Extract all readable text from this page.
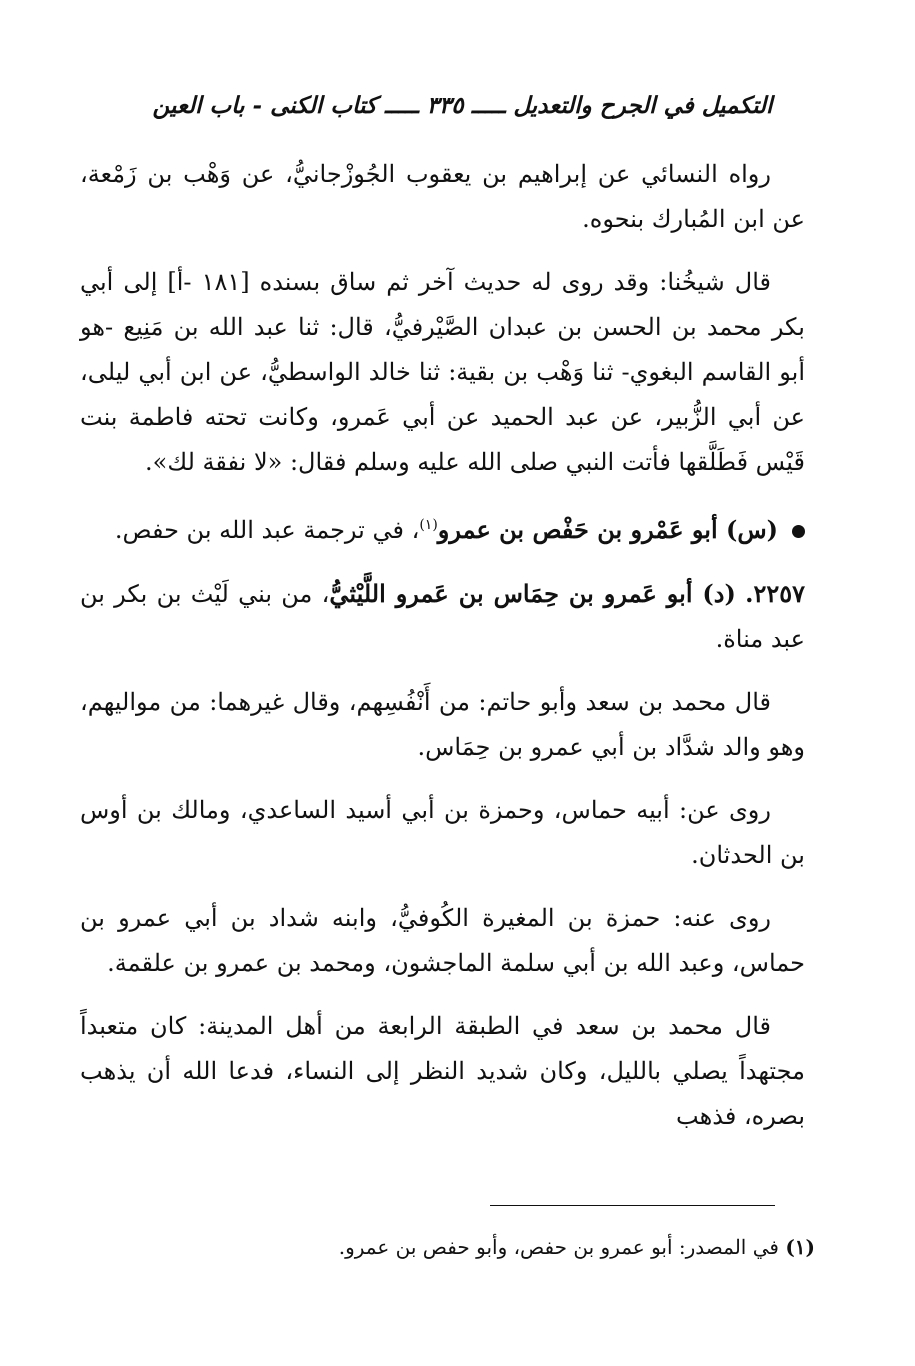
التكميل في الجرح والتعديل ـــــ ٣٣٥ ـــــ كتاب الكنى - باب العين

رواه النسائي عن إبراهيم بن يعقوب الجُوزْجانيُّ، عن وَهْب بن زَمْعة، عن ابن المُبارك بنحوه.

قال شيخُنا: وقد روى له حديث آخر ثم ساق بسنده [١٨١ -أ] إلى أبي بكر محمد بن الحسن بن عبدان الصَّيْرفيُّ، قال: ثنا عبد الله بن مَنِيع -هو أبو القاسم البغوي- ثنا وَهْب بن بقية: ثنا خالد الواسطيُّ، عن ابن أبي ليلى، عن أبي الزُّبير، عن عبد الحميد عن أبي عَمرو، وكانت تحته فاطمة بنت قَيْس فَطَلَّقها فأتت النبي صلى الله عليه وسلم فقال: «لا نفقة لك».

(س) أبو عَمْرو بن حَفْص بن عمرو$^{(١)}$، في ترجمة عبد الله بن حفص.

٢٢٥٧. (د) أبو عَمرو بن حِمَاس بن عَمرو اللَّيْثيُّ، من بني لَيْث بن بكر بن عبد مناة.

قال محمد بن سعد وأبو حاتم: من أَنْفُسِهم، وقال غيرهما: من مواليهم، وهو والد شدَّاد بن أبي عمرو بن حِمَاس.

روى عن: أبيه حماس، وحمزة بن أبي أسيد الساعدي، ومالك بن أوس بن الحدثان.

روى عنه: حمزة بن المغيرة الكُوفيُّ، وابنه شداد بن أبي عمرو بن حماس، وعبد الله بن أبي سلمة الماجشون، ومحمد بن عمرو بن علقمة.

قال محمد بن سعد في الطبقة الرابعة من أهل المدينة: كان متعبداً مجتهداً يصلي بالليل، وكان شديد النظر إلى النساء، فدعا الله أن يذهب بصره، فذهب

(١) في المصدر: أبو عمرو بن حفص، وأبو حفص بن عمرو.
